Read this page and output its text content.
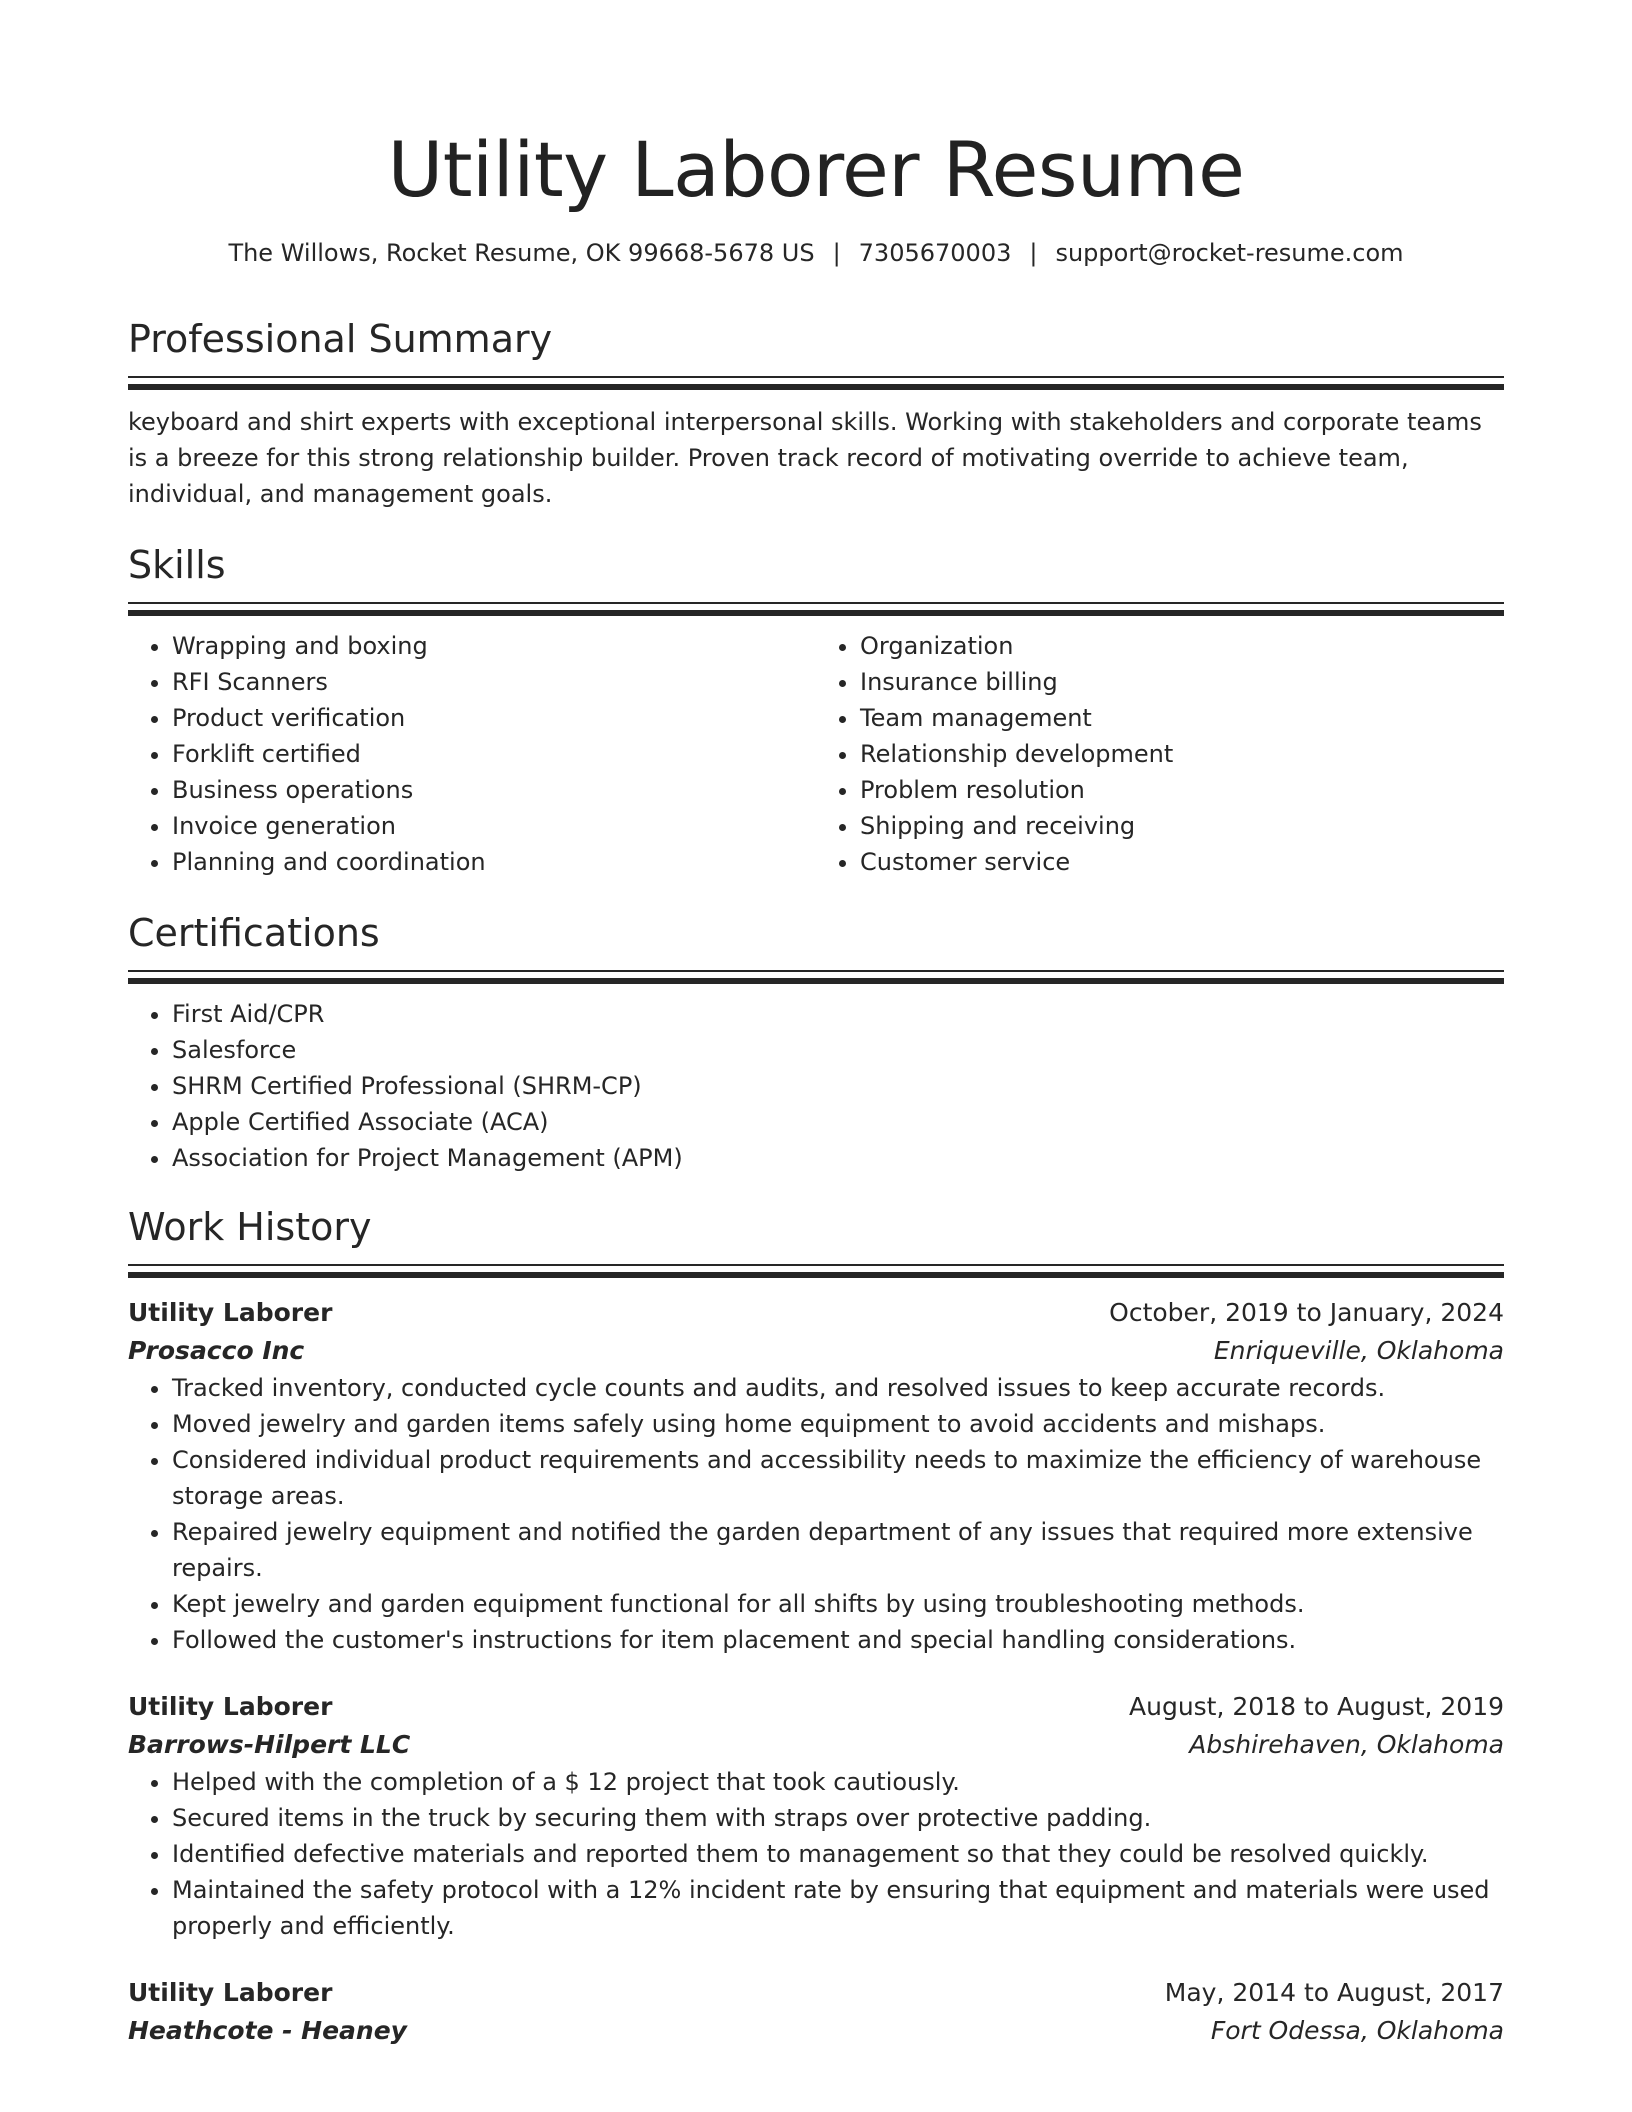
Utility Laborer Resume
The Willows, Rocket Resume, OK 99668-5678 US | 7305670003 | support@rocket-resume.com
Professional Summary

keyboard and shirt experts with exceptional interpersonal skills. Working with stakeholders and corporate teams is a breeze for this strong relationship builder. Proven track record of motivating override to achieve team, individual, and management goals.

Skills
• Wrapping and boxing
• RFI Scanners
• Product verification
• Forklift certified
• Business operations
• Invoice generation
• Planning and coordination
• Organization
• Insurance billing
• Team management
• Relationship development
• Problem resolution
• Shipping and receiving
• Customer service
Certifications
• First Aid/CPR
• Salesforce
• SHRM Certified Professional (SHRM-CP)
• Apple Certified Associate (ACA)
• Association for Project Management (APM)
Work History
Utility Laborer	October, 2019 to January, 2024
Prosacco Inc	Enriqueville, Oklahoma
• Tracked inventory, conducted cycle counts and audits, and resolved issues to keep accurate records.
• Moved jewelry and garden items safely using home equipment to avoid accidents and mishaps.
• Considered individual product requirements and accessibility needs to maximize the efficiency of warehouse storage areas.
• Repaired jewelry equipment and notified the garden department of any issues that required more extensive repairs.
• Kept jewelry and garden equipment functional for all shifts by using troubleshooting methods.
• Followed the customer's instructions for item placement and special handling considerations.
Utility Laborer	August, 2018 to August, 2019
Barrows-Hilpert LLC	Abshirehaven, Oklahoma
• Helped with the completion of a $ 12 project that took cautiously.
• Secured items in the truck by securing them with straps over protective padding.
• Identified defective materials and reported them to management so that they could be resolved quickly.
• Maintained the safety protocol with a 12% incident rate by ensuring that equipment and materials were used properly and efficiently.
Utility Laborer	May, 2014 to August, 2017
Heathcote - Heaney	Fort Odessa, Oklahoma
